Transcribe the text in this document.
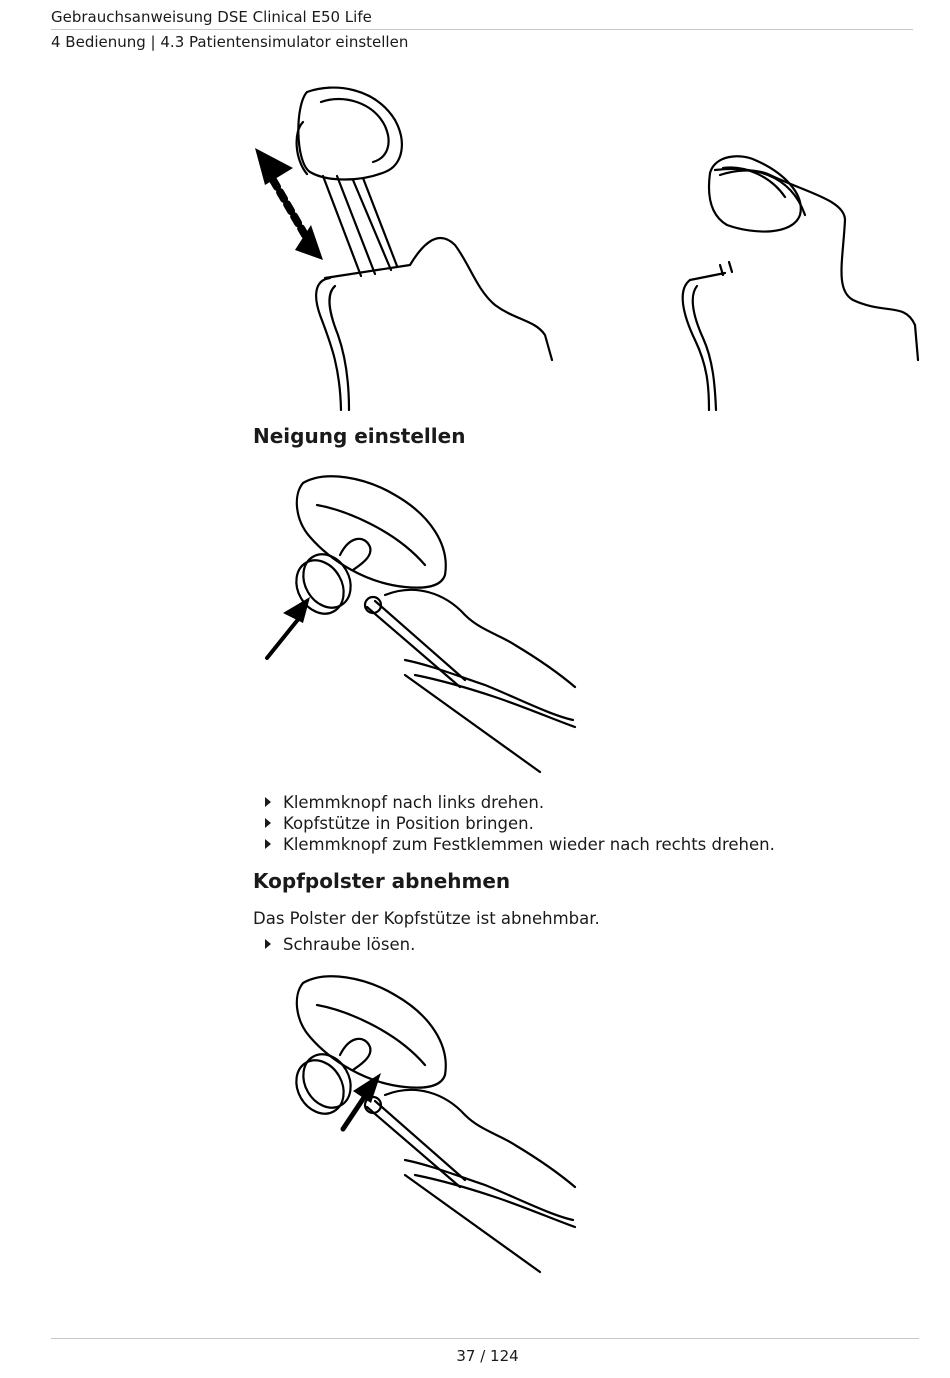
Gebrauchsanweisung DSE Clinical E50 Life
4 Bedienung | 4.3 Patientensimulator einstellen
Neigung einstellen
Klemmknopf nach links drehen.
Kopfstütze in Position bringen.
Klemmknopf zum Festklemmen wieder nach rechts drehen.
Kopfpolster abnehmen
Das Polster der Kopfstütze ist abnehmbar.
Schraube lösen.
37 / 124
